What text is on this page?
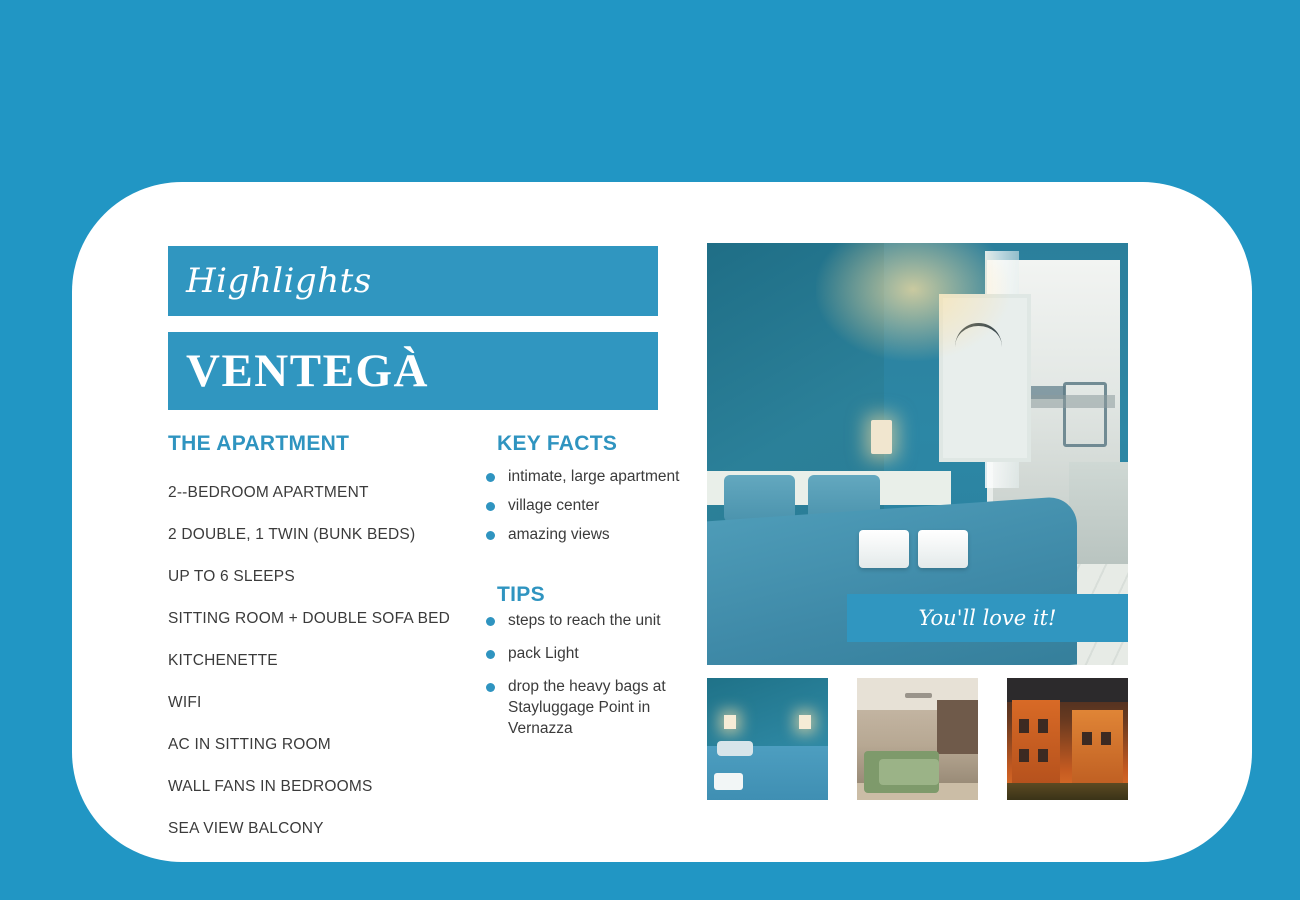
Highlights
VENTEGÀ
THE APARTMENT
2--BEDROOM APARTMENT
2 DOUBLE, 1 TWIN (BUNK BEDS)
UP TO 6 SLEEPS
SITTING ROOM + DOUBLE SOFA BED
KITCHENETTE
WIFI
AC IN SITTING ROOM
WALL FANS IN BEDROOMS
SEA VIEW BALCONY
KEY FACTS
intimate, large apartment
village center
amazing views
TIPS
steps to reach the unit
pack Light
drop the heavy bags at Stayluggage Point in Vernazza
You'll love it!
